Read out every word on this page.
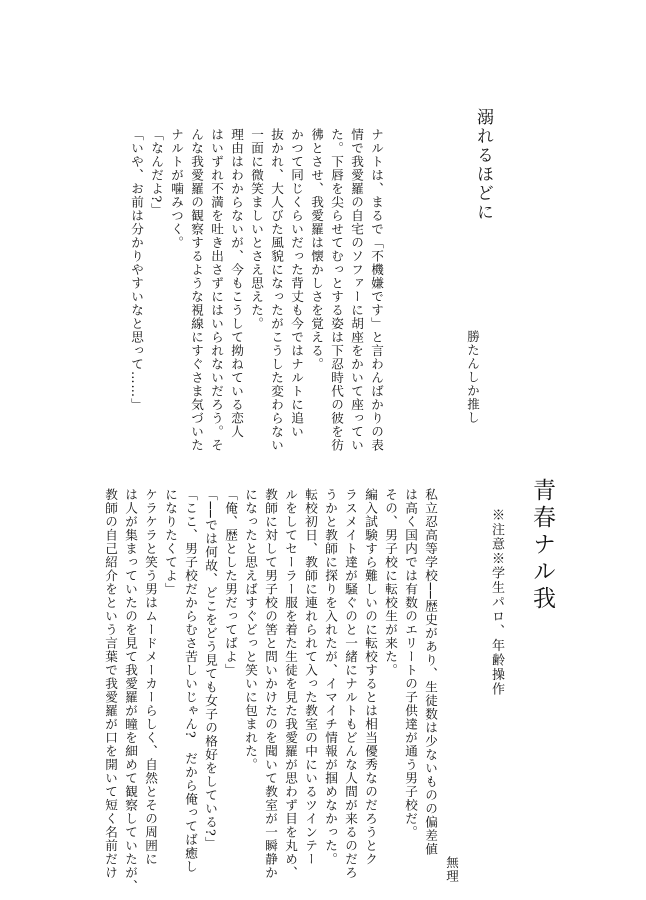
溺れるほどに
勝たんしか推し
ナルトは、まるで「不機嫌です」と言わんばかりの表
情で我愛羅の自宅のソファーに胡座をかいて座ってい
た。下唇を尖らせてむっとする姿は下忍時代の彼を彷
彿とさせ、我愛羅は懐かしさを覚える。
かつて同じくらいだった背丈も今ではナルトに追い
抜かれ、大人びた風貌になったがこうした変わらない
一面に微笑ましいとさえ思えた。
理由はわからないが、今もこうして拗ねている恋人
はいずれ不満を吐き出さずにはいられないだろう。そ
んな我愛羅の観察するような視線にすぐさま気づいた
ナルトが噛みつく。
「なんだよ?」
「いや、お前は分かりやすいなと思って……」
青春ナル我
※注意※学生パロ、年齢操作
無理
私立忍高等学校──歴史があり、生徒数は少ないものの偏差値
は高く国内では有数のエリートの子供達が通う男子校だ。
その、男子校に転校生が来た。
編入試験すら難しいのに転校するとは相当優秀なのだろうとク
ラスメイト達が騒ぐのと一緒にナルトもどんな人間が来るのだろ
うかと教師に探りを入れたが、イマイチ情報が掴めなかった。
転校初日、教師に連れられて入った教室の中にいるツインテー
ルをしてセーラー服を着た生徒を見た我愛羅が思わず目を丸め、
教師に対して男子校の筈と問いかけたのを聞いて教室が一瞬静か
になったと思えばすぐどっと笑いに包まれた。
「俺、歴とした男だってばよ」
「──では何故、どこをどう見ても女子の格好をしている?」
「ここ、男子校だからむさ苦しいじゃん?　だから俺ってば癒し
になりたくてよ」
ケラケラと笑う男はムードメーカーらしく、自然とその周囲に
は人が集まっていたのを見て我愛羅が瞳を細めて観察していたが、
教師の自己紹介をという言葉で我愛羅が口を開いて短く名前だけ
